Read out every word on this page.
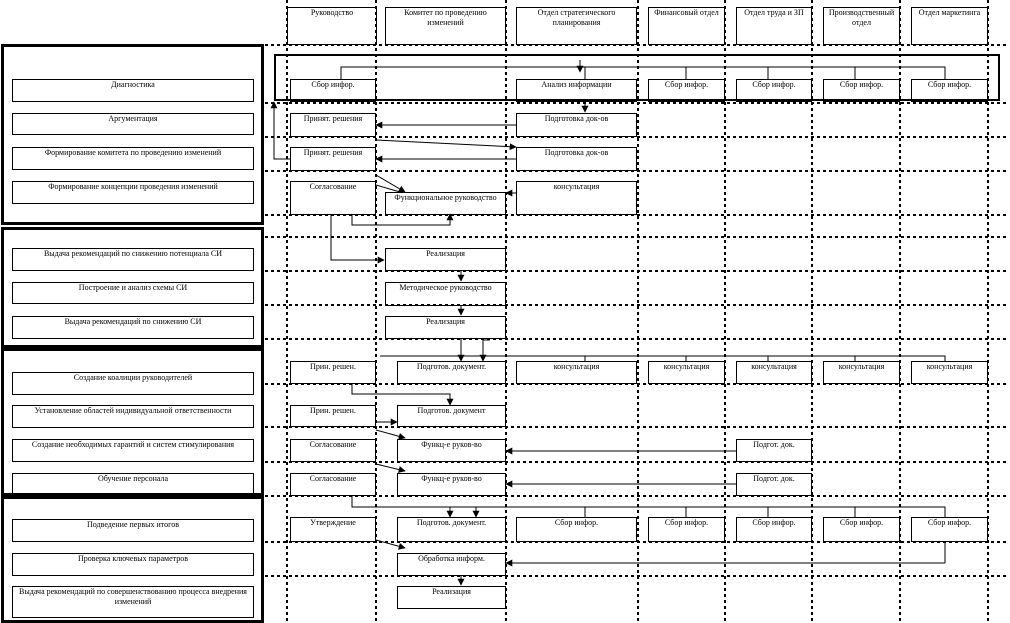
Руководство	Комитет по проведению изменений
Отдел стратегического планирования
Финансовый отдел	Отдел труда и ЗП	Производственный отдел
Отдел маркетинга
Диагностика
Аргументация
Формирование комитета по проведению изменений
Формирование концепции проведения изменений
Выдача рекомендаций по снижению потенциала СИ
Построение и анализ схемы СИ
Выдача рекомендаций по снижению СИ
Создание коалиции руководителей
Установление областей индивидуальной ответственности
Создание необходимых гарантий и систем стимулирования
Обучение персонала
Подведение первых итогов
Проверка ключевых параметров
Выдача рекомендаций по совершенствованию процесса внедрения изменений
Сбор инфор.	Анализ информации	Сбор инфор.	Сбор инфор.	Сбор инфор.	Сбор инфор.
Принят. решения	Подготовка док-ов
Принят. решения	Подготовка док-ов
Согласование
Функциональное руководство
консультация
Реализация
Методическое руководство
Реализация
Прин. решен.	Подготов. документ.	консультация	консультация	консультация	консультация	консультация
Прин. решен.	Подготов. документ
Согласование	Функц-е руков-во	Подгот. док.
Согласование	Функц-е руков-во	Подгот. док.
Утверждение	Подготов. документ.	Сбор инфор.	Сбор инфор.	Сбор инфор.	Сбор инфор.	Сбор инфор.
Обработка информ.
Реализация
